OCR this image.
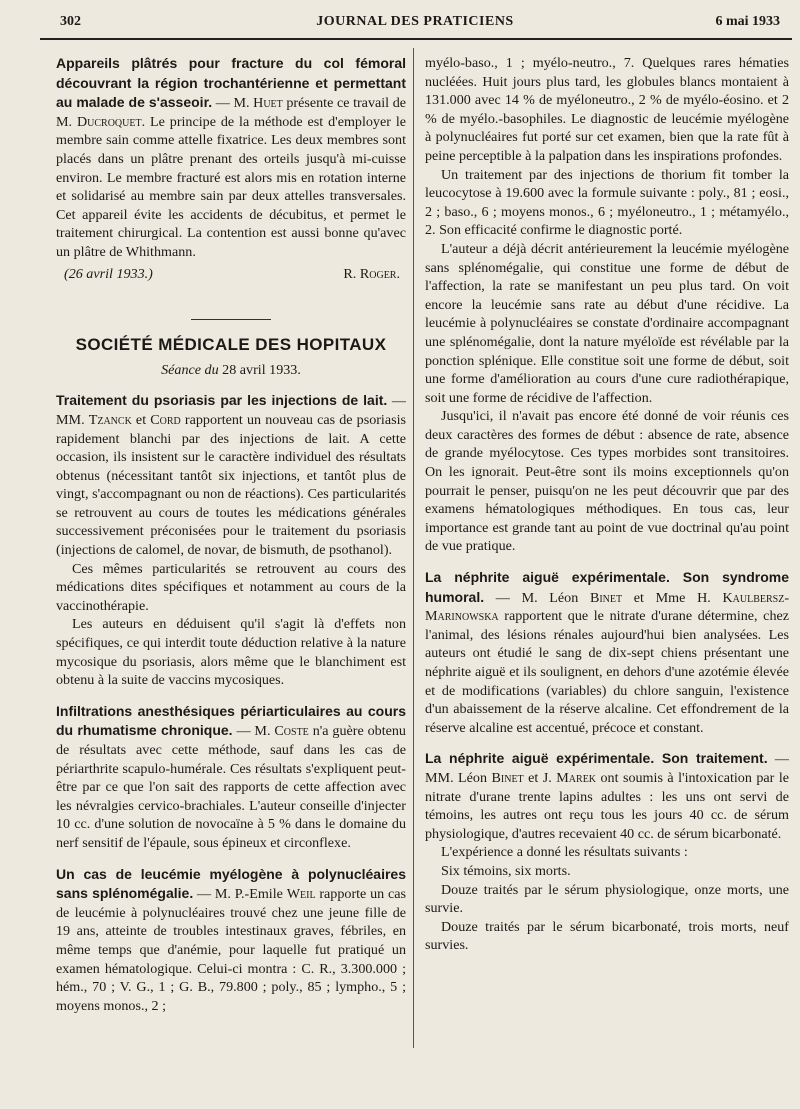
302	JOURNAL DES PRATICIENS	6 mai 1933

Appareils plâtrés pour fracture du col fémoral découvrant la région trochantérienne et permettant au malade de s'asseoir. — M. Huet présente ce travail de M. Ducroquet. Le principe de la méthode est d'employer le membre sain comme attelle fixatrice. Les deux membres sont placés dans un plâtre prenant des orteils jusqu'à mi-cuisse environ. Le membre fracturé est alors mis en rotation interne et solidarisé au membre sain par deux attelles transversales. Cet appareil évite les accidents de décubitus, et permet le traitement chirurgical. La contention est aussi bonne qu'avec un plâtre de Whithmann.

(26 avril 1933.)	R. Roger.
SOCIÉTÉ MÉDICALE DES HOPITAUX
Séance du 28 avril 1933.

Traitement du psoriasis par les injections de lait. — MM. Tzanck et Cord rapportent un nouveau cas de psoriasis rapidement blanchi par des injections de lait. A cette occasion, ils insistent sur le caractère individuel des résultats obtenus (nécessitant tantôt six injections, et tantôt plus de vingt, s'accompagnant ou non de réactions). Ces particularités se retrouvent au cours de toutes les médications générales successivement préconisées pour le traitement du psoriasis (injections de calomel, de novar, de bismuth, de psothanol).

Ces mêmes particularités se retrouvent au cours des médications dites spécifiques et notamment au cours de la vaccinothérapie.

Les auteurs en déduisent qu'il s'agit là d'effets non spécifiques, ce qui interdit toute déduction relative à la nature mycosique du psoriasis, alors même que le blanchiment est obtenu à la suite de vaccins mycosiques.

Infiltrations anesthésiques périarticulaires au cours du rhumatisme chronique. — M. Coste n'a guère obtenu de résultats avec cette méthode, sauf dans les cas de périarthrite scapulo-humérale. Ces résultats s'expliquent peut-être par ce que l'on sait des rapports de cette affection avec les névralgies cervico-brachiales. L'auteur conseille d'injecter 10 cc. d'une solution de novocaïne à 5 % dans le domaine du nerf sensitif de l'épaule, sous épineux et circonflexe.

Un cas de leucémie myélogène à polynucléaires sans splénomégalie. — M. P.-Emile Weil rapporte un cas de leucémie à polynucléaires trouvé chez une jeune fille de 19 ans, atteinte de troubles intestinaux graves, fébriles, en même temps que d'anémie, pour laquelle fut pratiqué un examen hématologique. Celui-ci montra : C. R., 3.300.000 ; hém., 70 ; V. G., 1 ; G. B., 79.800 ; poly., 85 ; lympho., 5 ; moyens monos., 2 ;

myélo-baso., 1 ; myélo-neutro., 7. Quelques rares hématies nucléées. Huit jours plus tard, les globules blancs montaient à 131.000 avec 14 % de myéloneutro., 2 % de myélo-éosino. et 2 % de myélo.-basophiles. Le diagnostic de leucémie myélogène à polynucléaires fut porté sur cet examen, bien que la rate fût à peine perceptible à la palpation dans les inspirations profondes.

Un traitement par des injections de thorium fit tomber la leucocytose à 19.600 avec la formule suivante : poly., 81 ; eosi., 2 ; baso., 6 ; moyens monos., 6 ; myéloneutro., 1 ; métamyélo., 2. Son efficacité confirme le diagnostic porté.

L'auteur a déjà décrit antérieurement la leucémie myélogène sans splénomégalie, qui constitue une forme de début de l'affection, la rate se manifestant un peu plus tard. On voit encore la leucémie sans rate au début d'une récidive. La leucémie à polynucléaires se constate d'ordinaire accompagnant une splénomégalie, dont la nature myéloïde est révélable par la ponction splénique. Elle constitue soit une forme de début, soit une forme d'amélioration au cours d'une cure radiothérapique, soit une forme de récidive de l'affection.

Jusqu'ici, il n'avait pas encore été donné de voir réunis ces deux caractères des formes de début : absence de rate, absence de grande myélocytose. Ces types morbides sont transitoires. On les ignorait. Peut-être sont ils moins exceptionnels qu'on pourrait le penser, puisqu'on ne les peut découvrir que par des examens hématologiques méthodiques. En tous cas, leur importance est grande tant au point de vue doctrinal qu'au point de vue pratique.

La néphrite aiguë expérimentale. Son syndrome humoral. — M. Léon Binet et Mme H. Kaulbersz-Marinowska rapportent que le nitrate d'urane détermine, chez l'animal, des lésions rénales aujourd'hui bien analysées. Les auteurs ont étudié le sang de dix-sept chiens présentant une néphrite aiguë et ils soulignent, en dehors d'une azotémie élevée et de modifications (variables) du chlore sanguin, l'existence d'un abaissement de la réserve alcaline. Cet effondrement de la réserve alcaline est accentué, précoce et constant.

La néphrite aiguë expérimentale. Son traitement. — MM. Léon Binet et J. Marek ont soumis à l'intoxication par le nitrate d'urane trente lapins adultes : les uns ont servi de témoins, les autres ont reçu tous les jours 40 cc. de sérum physiologique, d'autres recevaient 40 cc. de sérum bicarbonaté.

L'expérience a donné les résultats suivants :

Six témoins, six morts.

Douze traités par le sérum physiologique, onze morts, une survie.

Douze traités par le sérum bicarbonaté, trois morts, neuf survies.
